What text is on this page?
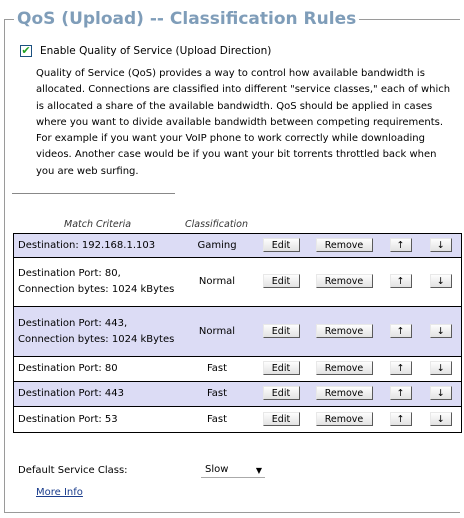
QoS (Upload) -- Classification Rules
✔ Enable Quality of Service (Upload Direction)
Quality of Service (QoS) provides a way to control how available bandwidth is allocated. Connections are classified into different "service classes," each of which is allocated a share of the available bandwidth. QoS should be applied in cases where you want to divide available bandwidth between competing requirements. For example if you want your VoIP phone to work correctly while downloading videos. Another case would be if you want your bit torrents throttled back when you are web surfing.
Match Criteria	Classification
Destination: 192.168.1.103	Gaming	Edit	Remove	↑	↓
Destination Port: 80, Connection bytes: 1024 kBytes	Normal	Edit	Remove	↑	↓
Destination Port: 443, Connection bytes: 1024 kBytes	Normal	Edit	Remove	↑	↓
Destination Port: 80	Fast	Edit	Remove	↑	↓
Destination Port: 443	Fast	Edit	Remove	↑	↓
Destination Port: 53	Fast	Edit	Remove	↑	↓
Default Service Class:	Slow	▼
More Info
